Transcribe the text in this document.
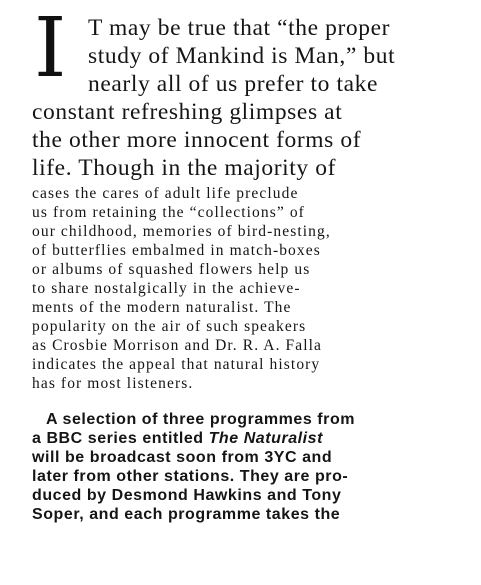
I T may be true that “the proper

study of Mankind is Man,” but

nearly all of us prefer to take

constant refreshing glimpses at

the other more innocent forms of

life. Though in the majority of

cases the cares of adult life preclude

us from retaining the “collections” of

our childhood, memories of bird-nesting,

of butterflies embalmed in match-boxes

or albums of squashed flowers help us

to share nostalgically in the achieve-

ments of the modern naturalist. The

popularity on the air of such speakers

as Crosbie Morrison and Dr. R. A. Falla

indicates the appeal that natural history

has for most listeners.

A selection of three programmes from

a BBC series entitled The Naturalist

will be broadcast soon from 3YC and

later from other stations. They are pro-

duced by Desmond Hawkins and Tony

Soper, and each programme takes the
